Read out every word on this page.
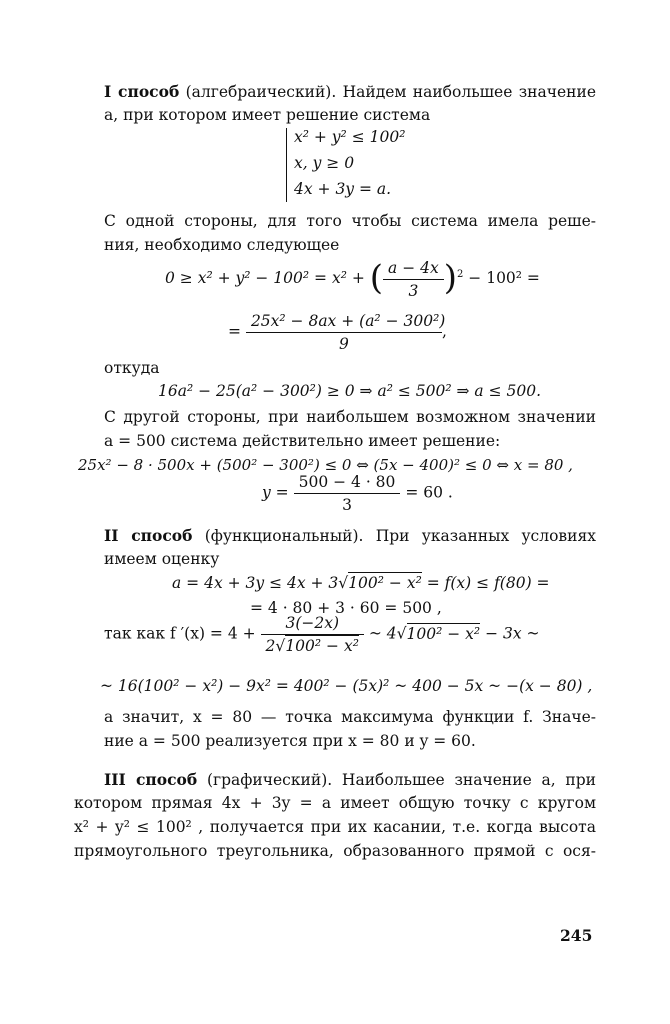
I способ (алгебраический). Найдем наибольшее значение
a, при котором имеет решение система
x² + y² ≤ 100²
x, y ≥ 0
4x + 3y = a.
С одной стороны, для того чтобы система имела реше-
ния, необходимо следующее
0 ≥ x² + y² − 100² = x² + ( $\frac{a - 4x}{3} )^2 - 100^2$ =
= $\frac{\text{25x² − 8ax + (a² − 300²)}}{9}$ ,
откуда
16a² − 25(a² − 300²) ≥ 0 ⇒ a² ≤ 500² ⇒ a ≤ 500.
С другой стороны, при наибольшем возможном значении
a = 500 система действительно имеет решение:
25x² − 8 · 500x + (500² − 300²) ≤ 0 ⇔ (5x − 400)² ≤ 0 ⇔ x = 80 ,
$y = \frac{500 - 4 \cdot 80}{3} = 60$ .
II способ (функциональный). При указанных условиях
имеем оценку
a = 4x + 3y ≤ 4x + 3√100² − x² = f(x) ≤ f(80) =
= 4 · 80 + 3 · 60 = 500 ,
так как f $'(x) = 4 + \frac{3(-2x)}{\text{2√100² − x²}}$ ~ 4√100² − x² − 3x ~
~ 16(100² − x²) − 9x² = 400² − (5x)² ~ 400 − 5x ~ −(x − 80) ,
а значит, x = 80 — точка максимума функции f. Значе-
ние a = 500 реализуется при x = 80 и y = 60.
III способ (графический). Наибольшее значение a, при
котором прямая 4x + 3y = a имеет общую точку с кругом
x² + y² ≤ 100² , получается при их касании, т.е. когда высота
прямоугольного треугольника, образованного прямой с ося-
245
